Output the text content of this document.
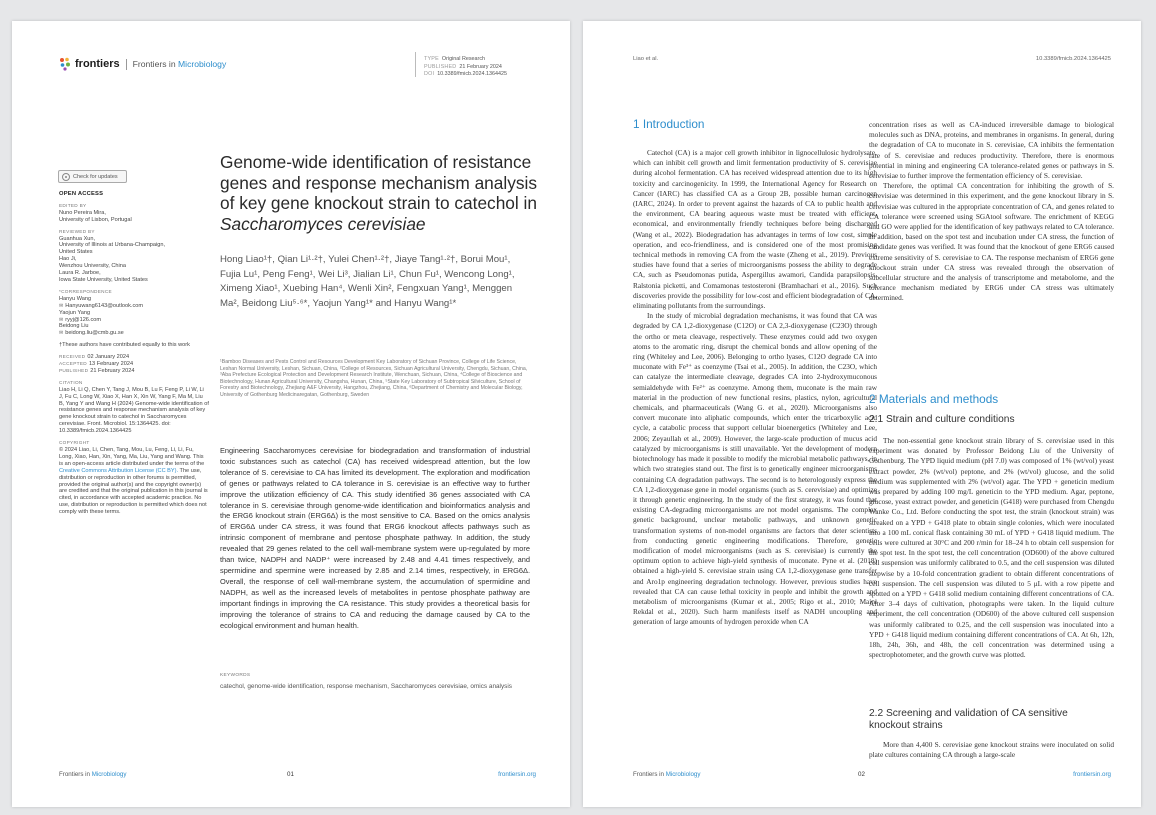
frontiers Frontiers in Microbiology	TYPE Original Research
PUBLISHED 21 February 2024
DOI 10.3389/fmicb.2024.1364425
Check for updates
OPEN ACCESS
EDITED BY
Nuno Pereira Mira,
University of Lisbon, Portugal
REVIEWED BY
Guanhua Xun,
University of Illinois at Urbana-Champaign,
United States
Hao Ji,
Wenzhou University, China
Laura R. Jarboe,
Iowa State University, United States
*CORRESPONDENCE
Hanyu Wang
✉ Hanyuwang6143@outlook.com
Yaojun Yang
✉ ryyj@126.com
Beidong Liu
✉ beidong.liu@cmb.gu.se
†These authors have contributed equally to this work
RECEIVED 02 January 2024
ACCEPTED 13 February 2024
PUBLISHED 21 February 2024
CITATION
Liao H, Li Q, Chen Y, Tang J, Mou B, Lu F, Feng P, Li W, Li J, Fu C, Long W, Xiao X, Han X, Xin W, Yang F, Ma M, Liu B, Yang Y and Wang H (2024) Genome-wide identification of resistance genes and response mechanism analysis of key gene knockout strain to catechol in Saccharomyces cerevisiae. Front. Microbiol. 15:1364425. doi: 10.3389/fmicb.2024.1364425
COPYRIGHT
© 2024 Liao, Li, Chen, Tang, Mou, Lu, Feng, Li, Li, Fu, Long, Xiao, Han, Xin, Yang, Ma, Liu, Yang and Wang. This is an open-access article distributed under the terms of the Creative Commons Attribution License (CC BY). The use, distribution or reproduction in other forums is permitted, provided the original author(s) and the copyright owner(s) are credited and that the original publication in this journal is cited, in accordance with accepted academic practice. No use, distribution or reproduction is permitted which does not comply with these terms.
Genome-wide identification of resistance genes and response mechanism analysis of key gene knockout strain to catechol in Saccharomyces cerevisiae
Hong Liao¹†, Qian Li¹·²†, Yulei Chen¹·²†, Jiaye Tang¹·²†, Borui Mou¹, Fujia Lu¹, Peng Feng¹, Wei Li³, Jialian Li¹, Chun Fu¹, Wencong Long¹, Ximeng Xiao¹, Xuebing Han⁴, Wenli Xin², Fengxuan Yang¹, Menggen Ma², Beidong Liu⁵·⁶*, Yaojun Yang¹* and Hanyu Wang¹*
¹Bamboo Diseases and Pests Control and Resources Development Key Laboratory of Sichuan Province, College of Life Science, Leshan Normal University, Leshan, Sichuan, China, ²College of Resources, Sichuan Agricultural University, Chengdu, Sichuan, China, ³Aba Prefecture Ecological Protection and Development Research Institute, Wenchuan, Sichuan, China, ⁴College of Bioscience and Biotechnology, Hunan Agricultural University, Changsha, Hunan, China, ⁵State Key Laboratory of Subtropical Silviculture, School of Forestry and Biotechnology, Zhejiang A&F University, Hangzhou, Zhejiang, China, ⁶Department of Chemistry and Molecular Biology, University of Gothenburg Medicinaregatan, Gothenburg, Sweden
Engineering Saccharomyces cerevisiae for biodegradation and transformation of industrial toxic substances such as catechol (CA) has received widespread attention, but the low tolerance of S. cerevisiae to CA has limited its development. The exploration and modification of genes or pathways related to CA tolerance in S. cerevisiae is an effective way to further improve the utilization efficiency of CA. This study identified 36 genes associated with CA tolerance in S. cerevisiae through genome-wide identification and bioinformatics analysis and the ERG6 knockout strain (ERG6Δ) is the most sensitive to CA. Based on the omics analysis of ERG6Δ under CA stress, it was found that ERG6 knockout affects pathways such as intrinsic component of membrane and pentose phosphate pathway. In addition, the study revealed that 29 genes related to the cell wall-membrane system were up-regulated by more than twice, NADPH and NADP⁺ were increased by 2.48 and 4.41 times respectively, and spermidine and spermine were increased by 2.85 and 2.14 times, respectively, in ERG6Δ. Overall, the response of cell wall-membrane system, the accumulation of spermidine and NADPH, as well as the increased levels of metabolites in pentose phosphate pathway are important findings in improving the CA resistance. This study provides a theoretical basis for improving the tolerance of strains to CA and reducing the damage caused by CA to the ecological environment and human health.
KEYWORDS
catechol, genome-wide identification, response mechanism, Saccharomyces cerevisiae, omics analysis
Frontiers in Microbiology	01	frontiersin.org
Liao et al.	10.3389/fmicb.2024.1364425
1 Introduction

Catechol (CA) is a major cell growth inhibitor in lignocellulosic hydrolysate, which can inhibit cell growth and limit fermentation productivity of S. cerevisiae during alcohol fermentation. CA has received widespread attention due to its high toxicity and carcinogenicity. In 1999, the International Agency for Research on Cancer (IARC) has classified CA as a Group 2B, possible human carcinogen (IARC, 2024). In order to prevent against the hazards of CA to public health and the environment, CA bearing aqueous waste must be treated with efficient, economical, and environmentally friendly techniques before being discharged (Wang et al., 2022). Biodegradation has advantages in terms of low cost, simple operation, and eco-friendliness, and is considered one of the most promising technical methods in removing CA from the waste (Zheng et al., 2019). Previous studies have found that a series of microorganisms possess the ability to degrade CA, such as Pseudomonas putida, Aspergillus awamori, Candida parapsilopsis, Ralstonia picketti, and Comamonas testosteroni (Bramhachari et al., 2016). Such discoveries provide the possibility for low-cost and efficient biodegradation of CA, eliminating pollutants from the surroundings.

In the study of microbial degradation mechanisms, it was found that CA was degraded by CA 1,2-dioxygenase (C12O) or CA 2,3-dioxygenase (C23O) through the ortho or meta cleavage, respectively. These enzymes could add two oxygen atoms to the aromatic ring, disrupt the chemical bonds and allow opening of the ring (Whiteley and Lee, 2006). Belonging to ortho lyases, C12O degrade CA into muconate with Fe³⁺ as coenzyme (Tsai et al., 2005). In addition, the C23O, which can catalyze the intermediate cleavage, degrades CA into 2-hydroxymuconous semialdehyde with Fe²⁺ as coenzyme. Among them, muconate is the main raw material in the production of new functional resins, plastics, nylon, agricultural chemicals, and pharmaceuticals (Wang G. et al., 2020). Microorganisms also convert muconate into aliphatic compounds, which enter the tricarboxylic acid cycle, a catabolic process that support cellular bioenergetics (Whiteley and Lee, 2006; Zeyaullah et al., 2009). However, the large-scale production of mucus acid catalyzed by microorganisms is still unavailable. Yet the development of modern biotechnology has made it possible to modify the microbial metabolic pathways, in which two strategies stand out. The first is to genetically engineer microorganisms containing CA degradation pathways. The second is to heterologously express the CA 1,2-dioxygenase gene in model organisms (such as S. cerevisiae) and optimize it through genetic engineering. In the study of the first strategy, it was found that existing CA-degrading microorganisms are not model organisms. The complex genetic background, unclear metabolic pathways, and unknown genetic transformation systems of non-model organisms are factors that deter scientists from conducting genetic engineering modifications. Therefore, genetic modification of model microorganisms (such as S. cerevisiae) is currently the optimum option to achieve high-yield synthesis of muconate. Pyne et al. (2018) obtained a high-yield S. cerevisiae strain using CA 1,2-dioxygenase gene transfer and Aro1p engineering degradation technology. However, previous studies have revealed that CA can cause lethal toxicity in people and inhibit the growth and metabolism of microorganisms (Kumar et al., 2005; Rigo et al., 2010; Maini Rekdal et al., 2020). Such harm manifests itself as NADH uncoupling and generation of large amounts of hydrogen peroxide when CA

concentration rises as well as CA-induced irreversible damage to biological molecules such as DNA, proteins, and membranes in organisms. In general, during the degradation of CA to muconate in S. cerevisiae, CA inhibits the fermentation rate of S. cerevisiae and reduces productivity. Therefore, there is enormous potential in mining and engineering CA tolerance-related genes or pathways in S. cerevisiae to further improve the fermentation efficiency of S. cerevisiae.

Therefore, the optimal CA concentration for inhibiting the growth of S. cerevisiae was determined in this experiment, and the gene knockout library in S. cerevisiae was cultured in the appropriate concentration of CA, and genes related to CA tolerance were screened using SGAtool software. The enrichment of KEGG and GO were applied for the identification of key pathways related to CA tolerance. In addition, based on the spot test and incubation under CA stress, the function of candidate genes was verified. It was found that the knockout of gene ERG6 caused extreme sensitivity of S. cerevisiae to CA. The response mechanism of ERG6 gene knockout strain under CA stress was revealed through the observation of subcellular structure and the analysis of transcriptome and metabolome, and the tolerance mechanism mediated by ERG6 under CA stress was ultimately determined.

2 Materials and methods
2.1 Strain and culture conditions

The non-essential gene knockout strain library of S. cerevisiae used in this experiment was donated by Professor Beidong Liu of the University of Gothenburg. The YPD liquid medium (pH 7.0) was composed of 1% (wt/vol) yeast extract powder, 2% (wt/vol) peptone, and 2% (wt/vol) glucose, and the solid medium was supplemented with 2% (wt/vol) agar. The YPD + geneticin medium was prepared by adding 100 mg/L geneticin to the YPD medium. Agar, peptone, glucose, yeast extract powder, and geneticin (G418) were purchased from Chengdu Wanke Co., Ltd. Before conducting the spot test, the strain (knockout strain) was streaked on a YPD + G418 plate to obtain single colonies, which were inoculated into a 100 mL conical flask containing 30 mL of YPD + G418 liquid medium. The cells were cultured at 30°C and 200 r/min for 18–24 h to obtain cell suspension for the spot test. In the spot test, the cell concentration (OD600) of the above cultured cell suspension was uniformly calibrated to 0.5, and the cell suspension was diluted stepwise by a 10-fold concentration gradient to obtain different concentrations of cell suspension. The cell suspension was diluted to 5 μL with a row pipette and spotted on a YPD + G418 solid medium containing different concentrations of CA. After 3–4 days of cultivation, photographs were taken. In the liquid culture experiment, the cell concentration (OD600) of the above cultured cell suspension was uniformly calibrated to 0.25, and the cell suspension was inoculated into a YPD + G418 liquid medium containing different concentrations of CA. At 6h, 12h, 18h, 24h, 36h, and 48h, the cell concentration was determined using a spectrophotometer, and the growth curve was plotted.

2.2 Screening and validation of CA sensitive knockout strains

More than 4,400 S. cerevisiae gene knockout strains were inoculated on solid plate cultures containing CA through a large-scale

Frontiers in Microbiology	02	frontiersin.org
